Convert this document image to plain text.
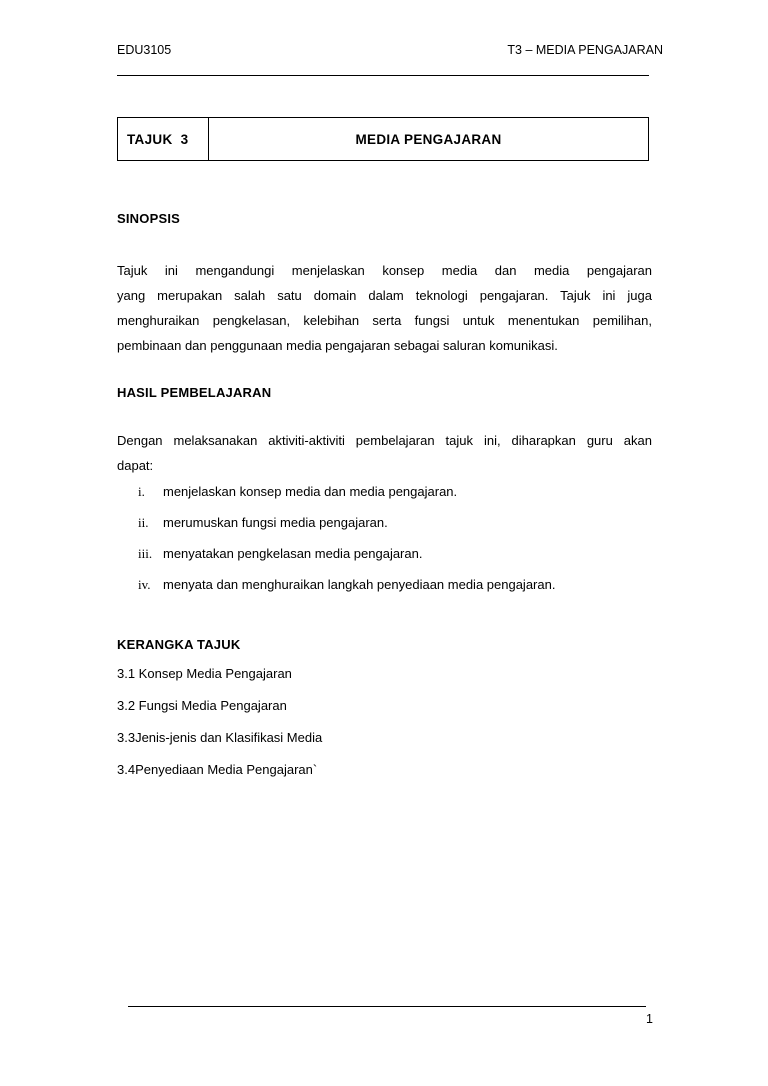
EDU3105	T3 – MEDIA PENGAJARAN
TAJUK  3	MEDIA PENGAJARAN
SINOPSIS
Tajuk ini mengandungi menjelaskan konsep media dan media pengajaran
yang merupakan salah satu domain dalam teknologi pengajaran. Tajuk ini juga
menghuraikan pengkelasan, kelebihan serta fungsi untuk menentukan pemilihan,
pembinaan dan penggunaan media pengajaran sebagai saluran komunikasi.
HASIL PEMBELAJARAN
Dengan melaksanakan aktiviti-aktiviti pembelajaran tajuk ini, diharapkan guru akan
dapat:
i.	menjelaskan konsep media dan media pengajaran.
ii.	merumuskan fungsi media pengajaran.
iii. menyatakan pengkelasan media pengajaran.
iv. menyata dan menghuraikan langkah penyediaan media pengajaran.
KERANGKA TAJUK
3.1 Konsep Media Pengajaran
3.2 Fungsi Media Pengajaran
3.3Jenis-jenis dan Klasifikasi Media
3.4Penyediaan Media Pengajaran`
1
